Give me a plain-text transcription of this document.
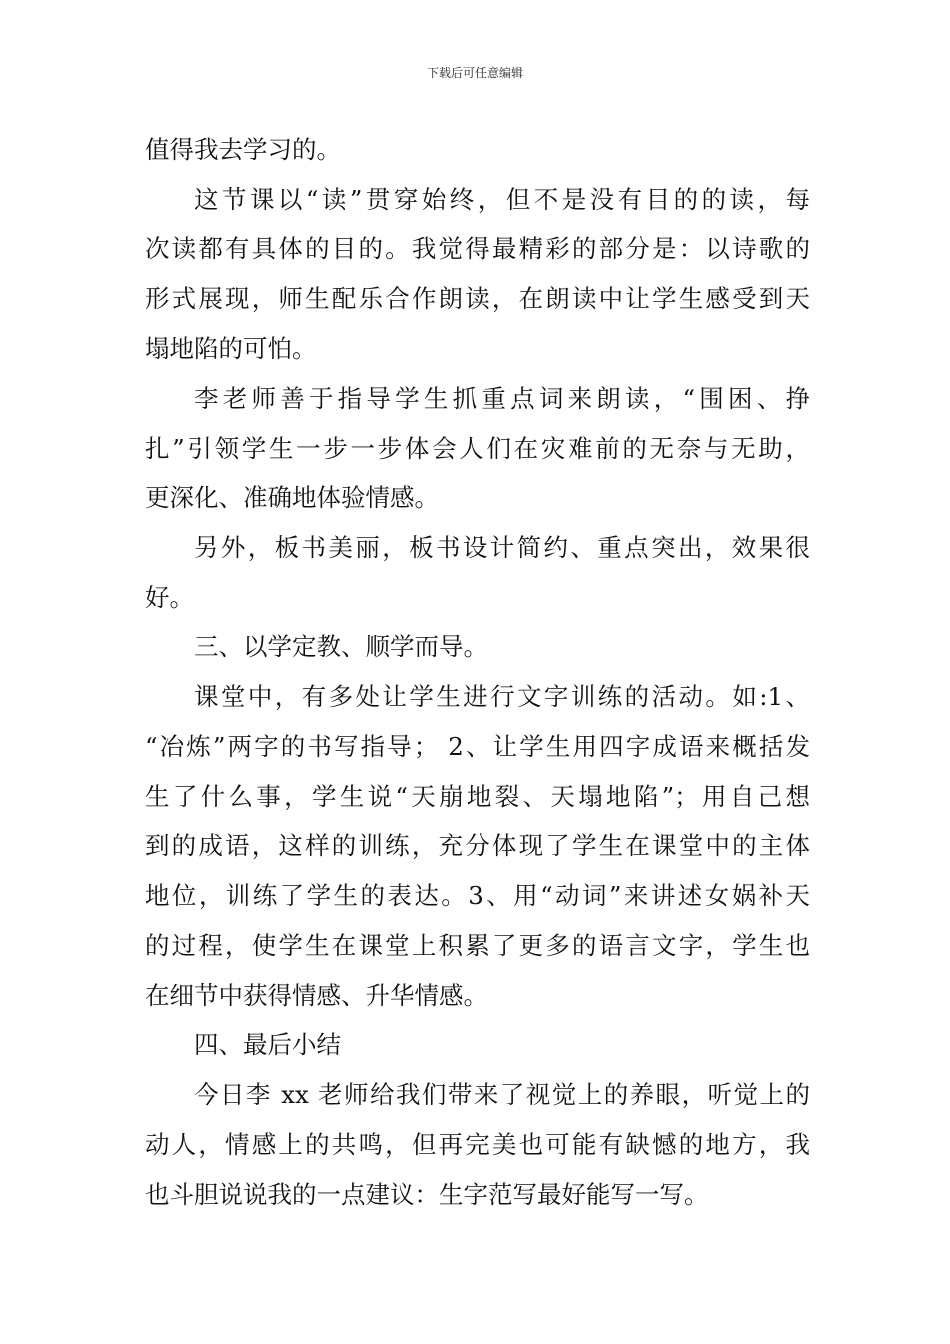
下载后可任意编辑
值得我去学习的。
这节课以“读”贯穿始终，但不是没有目的的读，每
次读都有具体的目的。我觉得最精彩的部分是：以诗歌的
形式展现，师生配乐合作朗读，在朗读中让学生感受到天
塌地陷的可怕。
李老师善于指导学生抓重点词来朗读，“围困、挣
扎”引领学生一步一步体会人们在灾难前的无奈与无助，
更深化、准确地体验情感。
另外，板书美丽，板书设计简约、重点突出，效果很
好。
三、以学定教、顺学而导。
课堂中，有多处让学生进行文字训练的活动。如:1、
“冶炼”两字的书写指导； 2、让学生用四字成语来概括发
生了什么事，学生说“天崩地裂、天塌地陷”；用自己想
到的成语，这样的训练，充分体现了学生在课堂中的主体
地位，训练了学生的表达。3、用“动词”来讲述女娲补天
的过程，使学生在课堂上积累了更多的语言文字，学生也
在细节中获得情感、升华情感。
四、最后小结
今日李 xx 老师给我们带来了视觉上的养眼，听觉上的
动人，情感上的共鸣，但再完美也可能有缺憾的地方，我
也斗胆说说我的一点建议：生字范写最好能写一写。
